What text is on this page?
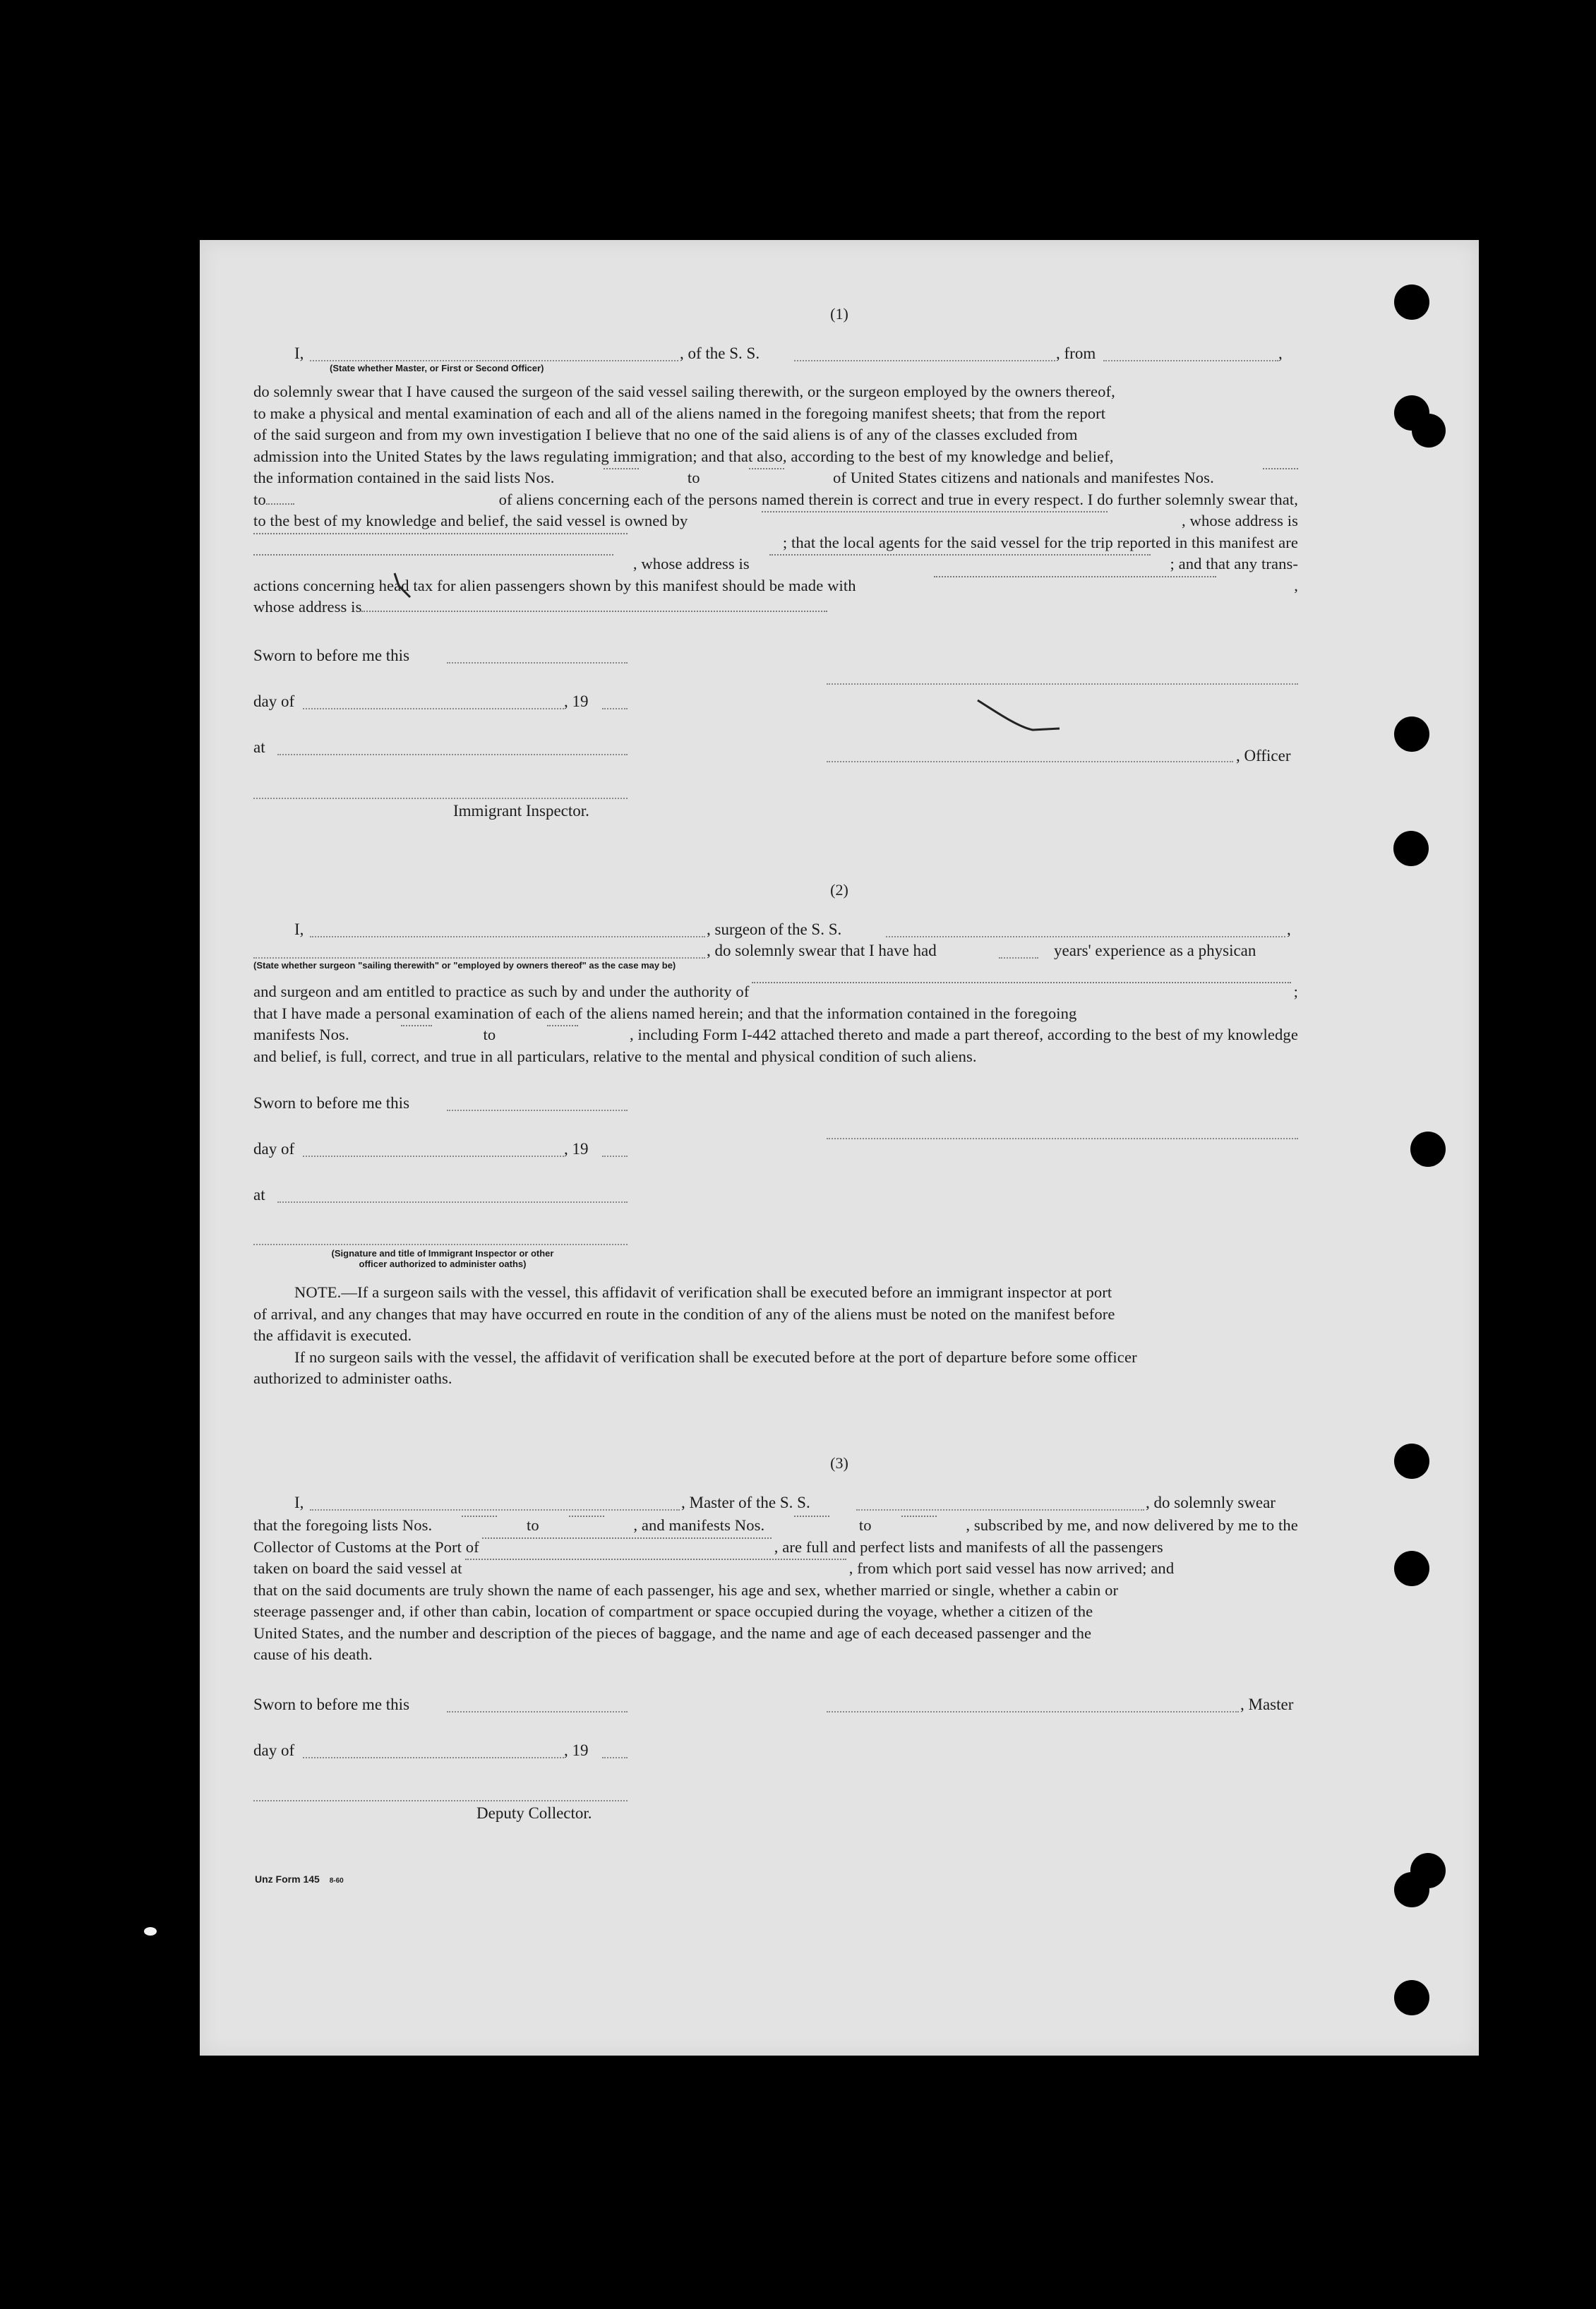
(1)
I,	, of the S. S.	, from	,
(State whether Master, or First or Second Officer)
do solemnly swear that I have caused the surgeon of the said vessel sailing therewith, or the surgeon employed by the owners thereof,
to make a physical and mental examination of each and all of the aliens named in the foregoing manifest sheets; that from the report
of the said surgeon and from my own investigation I believe that no one of the said aliens is of any of the classes excluded from
admission into the United States by the laws regulating immigration; and that also, according to the best of my knowledge and belief,
the information contained in the said lists Nos.	to	of United States citizens and nationals and manifestes Nos.
to	of aliens concerning each of the persons named therein is correct and true in every respect. I do further solemnly swear that,
to the best of my knowledge and belief, the said vessel is owned by	, whose address is
; that the local agents for the said vessel for the trip reported in this manifest are
, whose address is	; and that any trans-
actions concerning head tax for alien passengers shown by this manifest should be made with	,
whose address is
Sworn to before me this
day of	, 19
at	, Officer
Immigrant Inspector.
(2)
I,	, surgeon of the S. S.	,
, do solemnly swear that I have had	years' experience as a physican
(State whether surgeon "sailing therewith" or "employed by owners thereof" as the case may be)
and surgeon and am entitled to practice as such by and under the authority of	;
that I have made a personal examination of each of the aliens named herein; and that the information contained in the foregoing
manifests Nos.	to	, including Form I-442 attached thereto and made a part thereof, according to the best of my knowledge
and belief, is full, correct, and true in all particulars, relative to the mental and physical condition of such aliens.
Sworn to before me this
day of	, 19
at
(Signature and title of Immigrant Inspector or other
officer authorized to administer oaths)
NOTE.—If a surgeon sails with the vessel, this affidavit of verification shall be executed before an immigrant inspector at port
of arrival, and any changes that may have occurred en route in the condition of any of the aliens must be noted on the manifest before
the affidavit is executed.
If no surgeon sails with the vessel, the affidavit of verification shall be executed before at the port of departure before some officer
authorized to administer oaths.
(3)
I,	, Master of the S. S.	, do solemnly swear
that the foregoing lists Nos.	to	, and manifests Nos.	to	, subscribed by me, and now delivered by me to the
Collector of Customs at the Port of	, are full and perfect lists and manifests of all the passengers
taken on board the said vessel at	, from which port said vessel has now arrived; and
that on the said documents are truly shown the name of each passenger, his age and sex, whether married or single, whether a cabin or
steerage passenger and, if other than cabin, location of compartment or space occupied during the voyage, whether a citizen of the
United States, and the number and description of the pieces of baggage, and the name and age of each deceased passenger and the
cause of his death.
Sworn to before me this	, Master
day of	, 19
Deputy Collector.
Unz Form 145 8-60
